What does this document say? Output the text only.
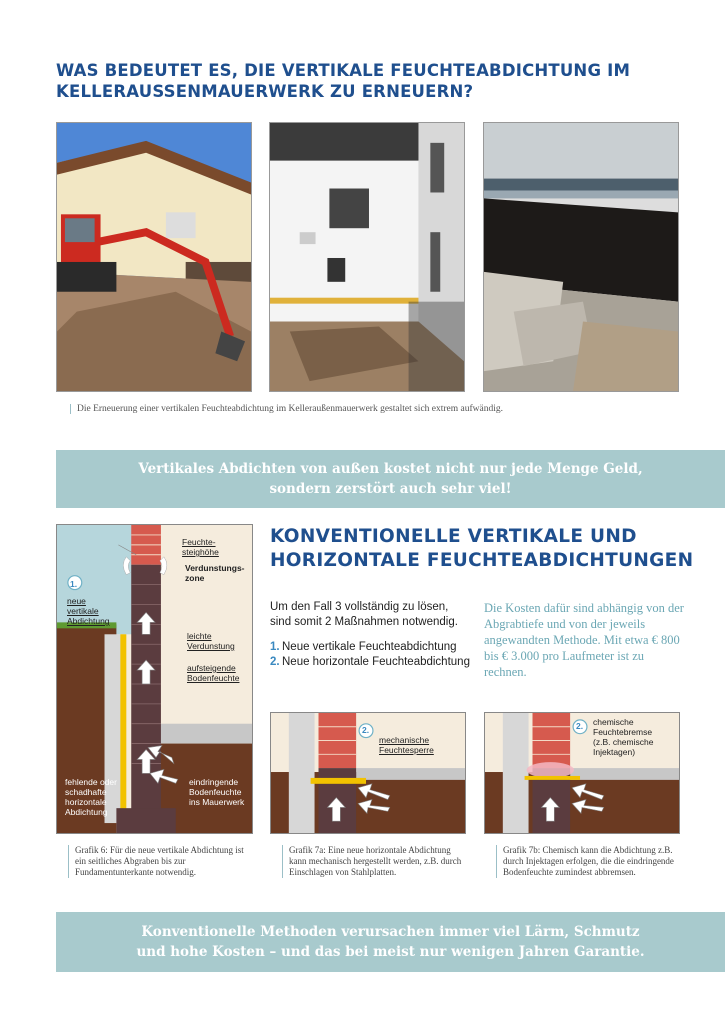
WAS BEDEUTET ES, DIE VERTIKALE FEUCHTEABDICHTUNG IM KELLERAUSSENMAUERWERK ZU ERNEUERN?
Die Erneuerung einer vertikalen Feuchteabdichtung im Kelleraußenmauerwerk gestaltet sich extrem aufwändig.
Vertikales Abdichten von außen kostet nicht nur jede Menge Geld,
sondern zerstört auch sehr viel!
Feuchte-
steighöhe
Verdunstungs-
zone
1.
neue
vertikale
Abdichtung
leichte
Verdunstung
aufsteigende
Bodenfeuchte
fehlende oder
schadhafte
horizontale
Abdichtung
eindringende
Bodenfeuchte
ins Mauerwerk
KONVENTIONELLE VERTIKALE UND HORIZONTALE FEUCHTEABDICHTUNGEN
Um den Fall 3 vollständig zu lösen, sind somit 2 Maßnahmen notwendig.
1. Neue vertikale Feuchteabdichtung
2. Neue horizontale Feuchteabdichtung
Die Kosten dafür sind abhängig von der Abgrabtiefe und von der jeweils angewandten Methode. Mit etwa € 800 bis € 3.000 pro Laufmeter ist zu rechnen.
2.
mechanische
Feuchtesperre
2. chemische
Feuchtebremse
(z.B. chemische
Injektagen)
Grafik 6: Für die neue vertikale Abdichtung ist ein seitliches Abgraben bis zur Fundamentunterkante notwendig.
Grafik 7a: Eine neue horizontale Abdichtung kann mechanisch hergestellt werden, z.B. durch Einschlagen von Stahlplatten.
Grafik 7b: Chemisch kann die Abdichtung z.B. durch Injektagen erfolgen, die die eindringende Bodenfeuchte zumindest abbremsen.
Konventionelle Methoden verursachen immer viel Lärm, Schmutz
und hohe Kosten – und das bei meist nur wenigen Jahren Garantie.
